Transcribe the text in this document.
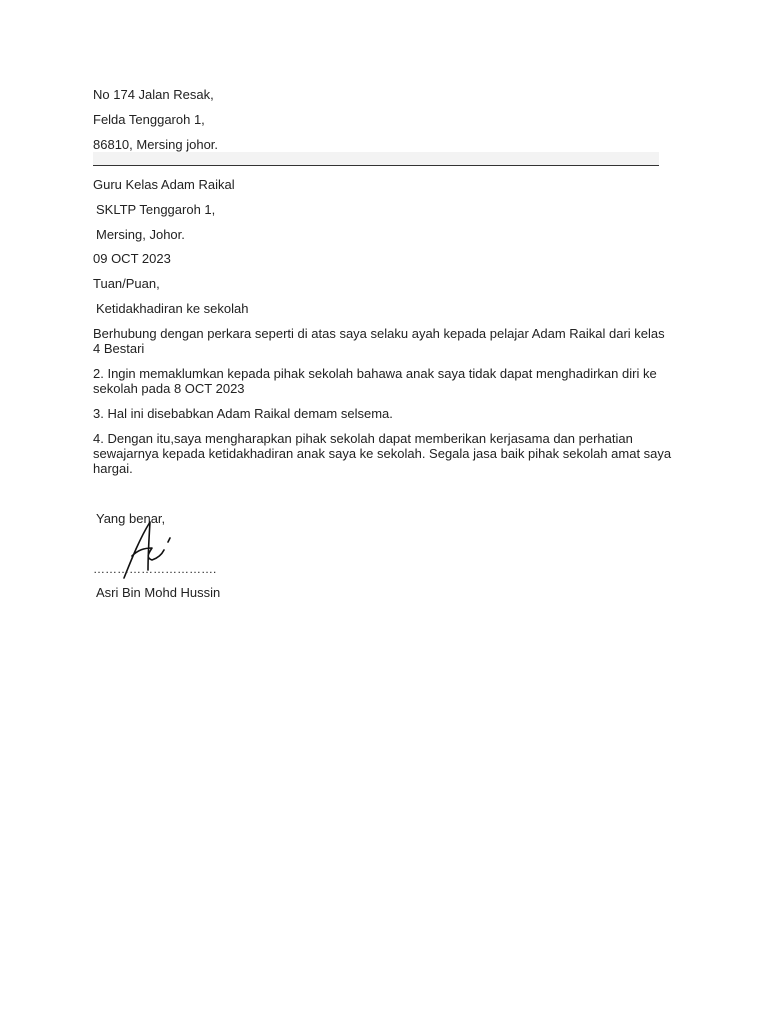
No 174 Jalan Resak,
Felda Tenggaroh 1,
86810, Mersing johor.
Guru Kelas Adam Raikal
SKLTP Tenggaroh 1,
Mersing, Johor.
09 OCT 2023
Tuan/Puan,
Ketidakhadiran ke sekolah
Berhubung dengan perkara seperti di atas saya selaku ayah kepada pelajar Adam Raikal dari kelas 4 Bestari
2. Ingin memaklumkan kepada pihak sekolah bahawa anak saya tidak dapat menghadirkan diri ke sekolah pada 8 OCT 2023
3. Hal ini disebabkan Adam Raikal demam selsema.
4. Dengan itu,saya mengharapkan pihak sekolah dapat memberikan kerjasama dan perhatian sewajarnya kepada ketidakhadiran anak saya ke sekolah. Segala jasa baik pihak sekolah amat saya hargai.
Yang benar,
………………………….
Asri Bin Mohd Hussin
